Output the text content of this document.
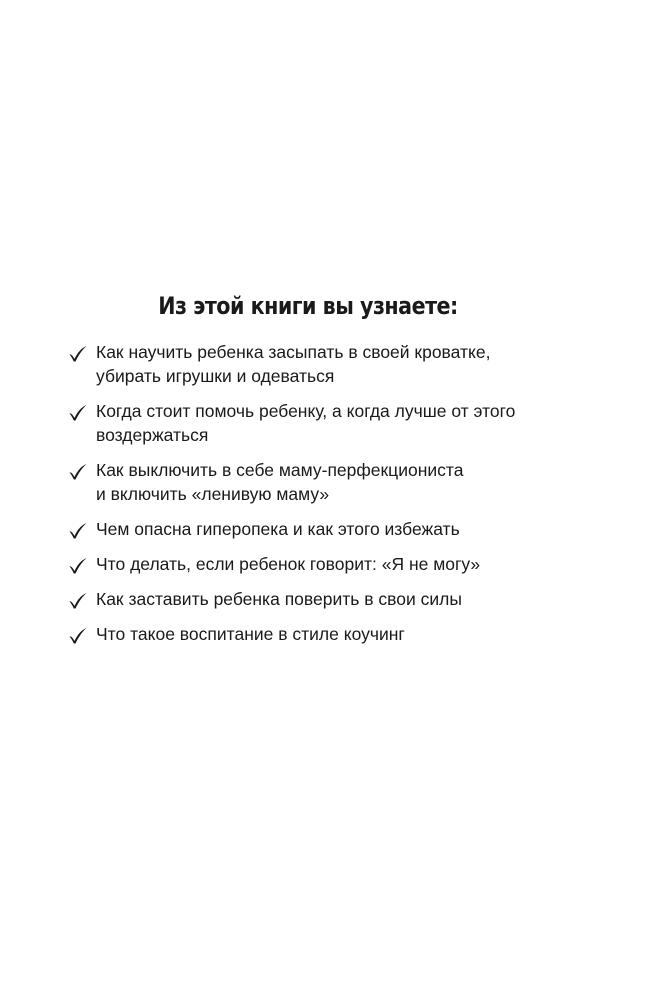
Из этой книги вы узнаете:
Как научить ребенка засыпать в своей кроватке,
убирать игрушки и одеваться
Когда стоит помочь ребенку, а когда лучше от этого
воздержаться
Как выключить в себе маму-перфекциониста
и включить «ленивую маму»
Чем опасна гиперопека и как этого избежать
Что делать, если ребенок говорит: «Я не могу»
Как заставить ребенка поверить в свои силы
Что такое воспитание в стиле коучинг
